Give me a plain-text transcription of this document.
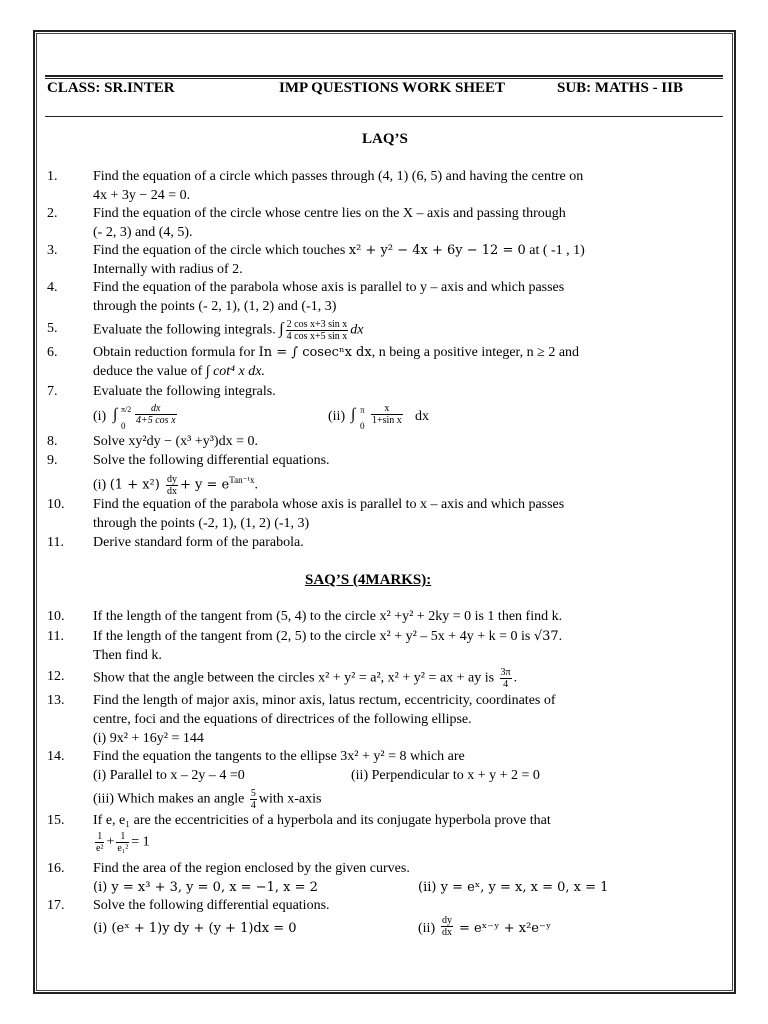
CLASS: SR.INTER	IMP QUESTIONS WORK SHEET	SUB: MATHS - IIB
LAQ’S
1.	Find the equation of a circle which passes through (4, 1) (6, 5) and having the centre on
4x + 3y − 24 = 0.
2.	Find the equation of the circle whose centre lies on the X – axis and passing through
(- 2, 3) and (4, 5).
3.	Find the equation of the circle which touches x² + y² − 4x + 6y − 12 = 0 at ( -1 , 1)
Internally with radius of 2.
4.	Find the equation of the parabola whose axis is parallel to y – axis and which passes
through the points (- 2, 1), (1, 2) and (-1, 3)
5.	Evaluate the following integrals. ∫ $\frac{\text{2 cos x+3 sin x}}{\text{4 cos x+5 sin x}}$ dx
6.	Obtain reduction formula for In = ∫ cosecⁿx dx, n being a positive integer, n ≥ 2 and
deduce the value of ∫ cot⁴ x dx.
7.	Evaluate the following integrals.
(i) ∫ π/2
$0 \frac{dx}{\text{4+5 cos x}}$	(ii) ∫ π
$0 \frac{x}{\text{1+sin x}}$ dx
8.	Solve xy²dy − (x³ +y³)dx = 0.
9.	Solve the following differential equations.
(i) $(1 + x^2) \frac{dy}{dx} + y = e^{Tan^{-1}x}$.
10. Find the equation of the parabola whose axis is parallel to x – axis and which passes
through the points (-2, 1), (1, 2) (-1, 3)
11. Derive standard form of the parabola.
SAQ’S (4MARKS):
10. If the length of the tangent from (5, 4) to the circle x² +y² + 2ky = 0 is 1 then find k.
11. If the length of the tangent from (2, 5) to the circle x² + y² – 5x + 4y + k = 0 is √37.
Then find k.
12. Show that the angle between the circles x² + y² = a², x² + y² = ax + ay is $\frac{3\pi}{4}$ .
13. Find the length of major axis, minor axis, latus rectum, eccentricity, coordinates of
centre, foci and the equations of directrices of the following ellipse.
(i) 9x² + 16y² = 144
14. Find the equation the tangents to the ellipse 3x² + y² = 8 which are
(i) Parallel to x – 2y – 4 =0	(ii) Perpendicular to x + y + 2 = 0
(iii) Which makes an angle $\frac{5}{4}$ with x-axis
15. If e, e₁ are the eccentricities of a hyperbola and its conjugate hyperbola prove that
$\frac{1}{\text{e²}} + \frac{1}{\text{e₁²}} = 1$
16. Find the area of the region enclosed by the given curves.
(i) y = x³ + 3, y = 0, x = −1, x = 2	(ii) y = eˣ, y = x, x = 0, x = 1
17. Solve the following differential equations.
(i) (eˣ + 1)y dy + (y + 1)dx = 0	$(ii) \frac{dy}{dx}$ = eˣ⁻ʸ + x²e⁻ʸ
